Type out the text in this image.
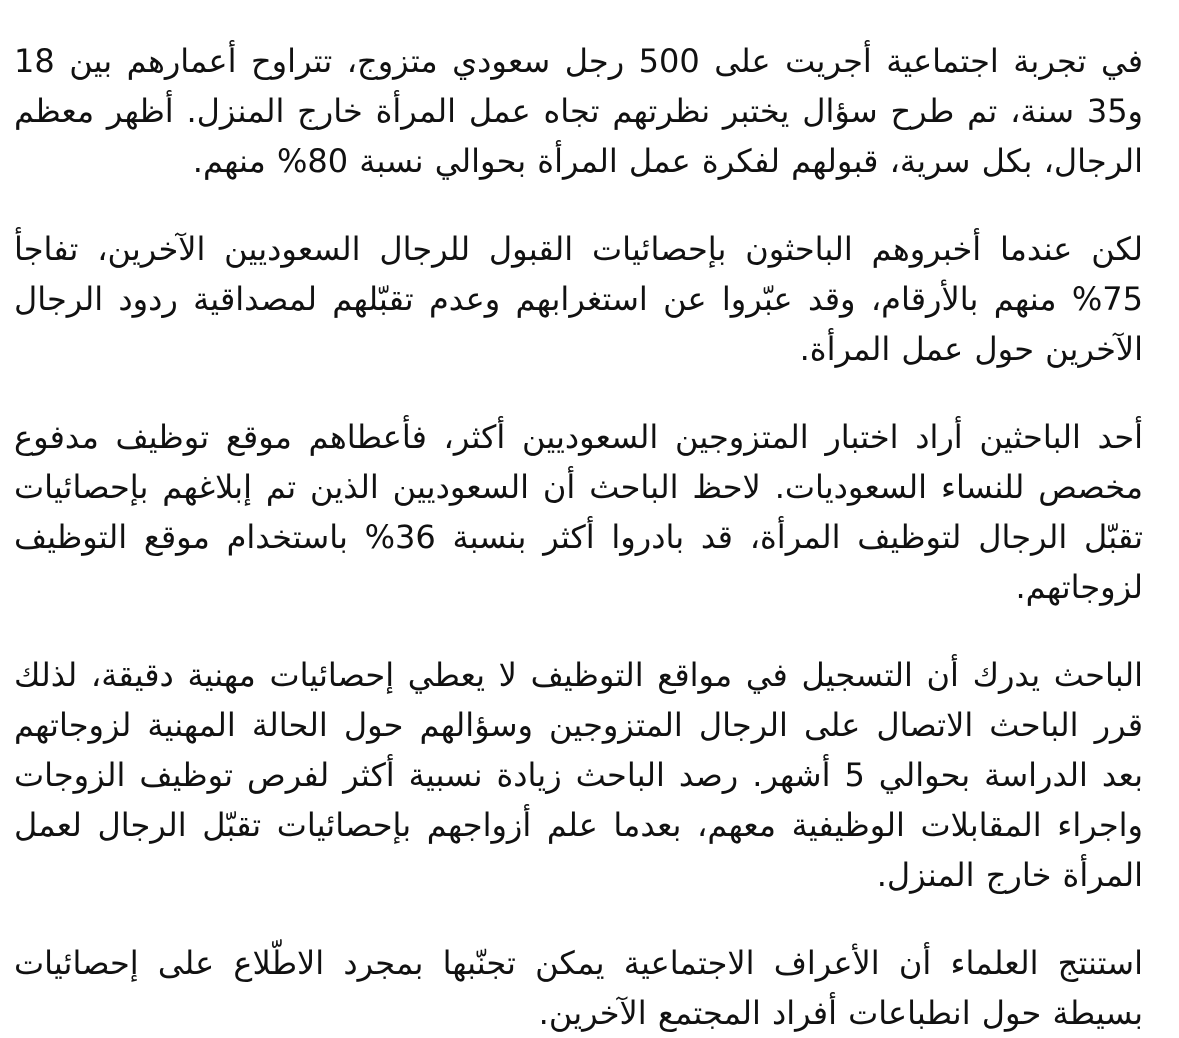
في تجربة اجتماعية أجريت على 500 رجل سعودي متزوج، تتراوح أعمارهم بين 18 و35 سنة، تم طرح سؤال يختبر نظرتهم تجاه عمل المرأة خارج المنزل. أظهر معظم الرجال، بكل سرية، قبولهم لفكرة عمل المرأة بحوالي نسبة 80% منهم.

لكن عندما أخبروهم الباحثون بإحصائيات القبول للرجال السعوديين الآخرين، تفاجأ 75% منهم بالأرقام، وقد عبّروا عن استغرابهم وعدم تقبّلهم لمصداقية ردود الرجال الآخرين حول عمل المرأة.

أحد الباحثين أراد اختبار المتزوجين السعوديين أكثر، فأعطاهم موقع توظيف مدفوع مخصص للنساء السعوديات. لاحظ الباحث أن السعوديين الذين تم إبلاغهم بإحصائيات تقبّل الرجال لتوظيف المرأة، قد بادروا أكثر بنسبة 36% باستخدام موقع التوظيف لزوجاتهم.

الباحث يدرك أن التسجيل في مواقع التوظيف لا يعطي إحصائيات مهنية دقيقة، لذلك قرر الباحث الاتصال على الرجال المتزوجين وسؤالهم حول الحالة المهنية لزوجاتهم بعد الدراسة بحوالي 5 أشهر. رصد الباحث زيادة نسبية أكثر لفرص توظيف الزوجات واجراء المقابلات الوظيفية معهم، بعدما علم أزواجهم بإحصائيات تقبّل الرجال لعمل المرأة خارج المنزل.

استنتج العلماء أن الأعراف الاجتماعية يمكن تجنّبها بمجرد الاطّلاع على إحصائيات بسيطة حول انطباعات أفراد المجتمع الآخرين.
